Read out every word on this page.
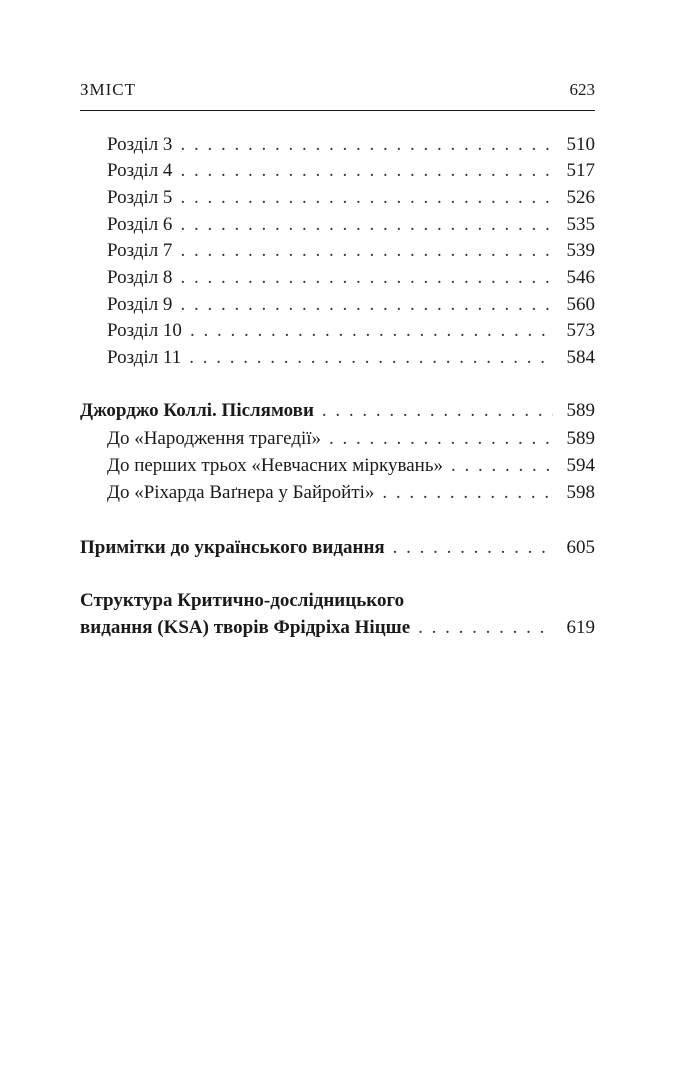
ЗМІСТ	623
Розділ 3 . . .	510
Розділ 4 . . .	517
Розділ 5 . . .	526
Розділ 6 . . .	535
Розділ 7 . . .	539
Розділ 8 . . .	546
Розділ 9 . . .	560
Розділ 10 . . .	573
Розділ 11 . . .	584
Джорджо Коллі. Післямови . . .	589
До «Народження трагедії» . . .	589
До перших трьох «Невчасних міркувань» . . .	594
До «Ріхарда Ваґнера у Байройті» . . .	598
Примітки до українського видання . . .	605
Структура Критично-дослідницького
видання (KSA) творів Фрідріха Ніцше . . .	619
